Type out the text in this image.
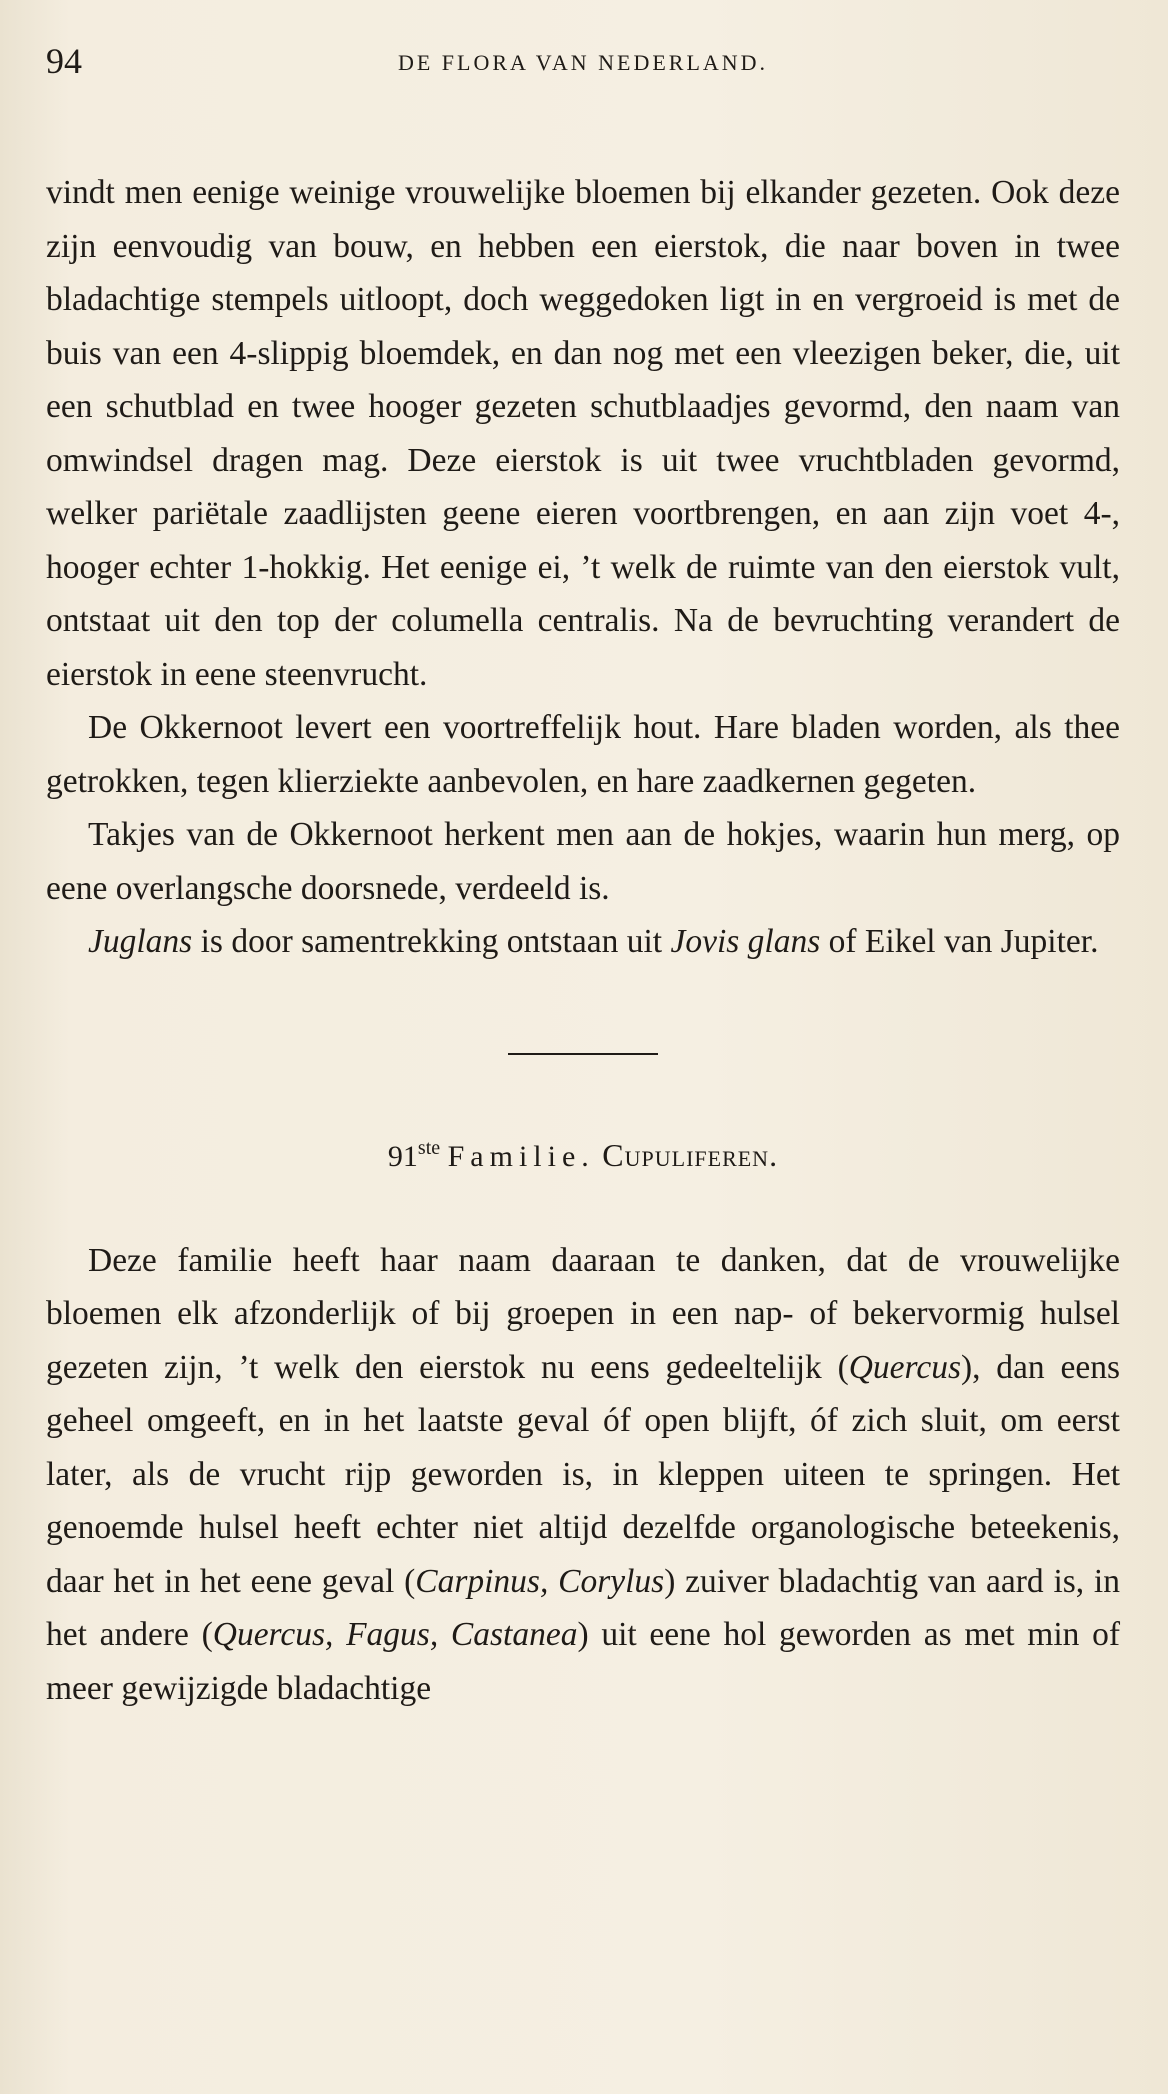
94	DE FLORA VAN NEDERLAND.

vindt men eenige weinige vrouwelijke bloemen bij elkander gezeten. Ook deze zijn eenvoudig van bouw, en hebben een eierstok, die naar boven in twee bladachtige stempels uitloopt, doch weggedoken ligt in en vergroeid is met de buis van een 4-slippig bloemdek, en dan nog met een vleezigen beker, die, uit een schutblad en twee hooger gezeten schutblaadjes gevormd, den naam van omwindsel dragen mag. Deze eierstok is uit twee vruchtbladen gevormd, welker pariëtale zaadlijsten geene eieren voortbrengen, en aan zijn voet 4-, hooger echter 1-hokkig. Het eenige ei, ’t welk de ruimte van den eierstok vult, ontstaat uit den top der columella centralis. Na de bevruchting verandert de eierstok in eene steenvrucht.

De Okkernoot levert een voortreffelijk hout. Hare bladen worden, als thee getrokken, tegen klierziekte aanbevolen, en hare zaadkernen gegeten.

Takjes van de Okkernoot herkent men aan de hokjes, waarin hun merg, op eene overlangsche doorsnede, verdeeld is.

Juglans is door samentrekking ontstaan uit Jovis glans of Eikel van Jupiter.

91ste Familie. Cupuliferen.

Deze familie heeft haar naam daaraan te danken, dat de vrouwelijke bloemen elk afzonderlijk of bij groepen in een nap- of bekervormig hulsel gezeten zijn, ’t welk den eierstok nu eens gedeeltelijk (Quercus), dan eens geheel omgeeft, en in het laatste geval óf open blijft, óf zich sluit, om eerst later, als de vrucht rijp geworden is, in kleppen uiteen te springen. Het genoemde hulsel heeft echter niet altijd dezelfde organologische beteekenis, daar het in het eene geval (Carpinus, Corylus) zuiver bladachtig van aard is, in het andere (Quercus, Fagus, Castanea) uit eene hol geworden as met min of meer gewijzigde bladachtige
